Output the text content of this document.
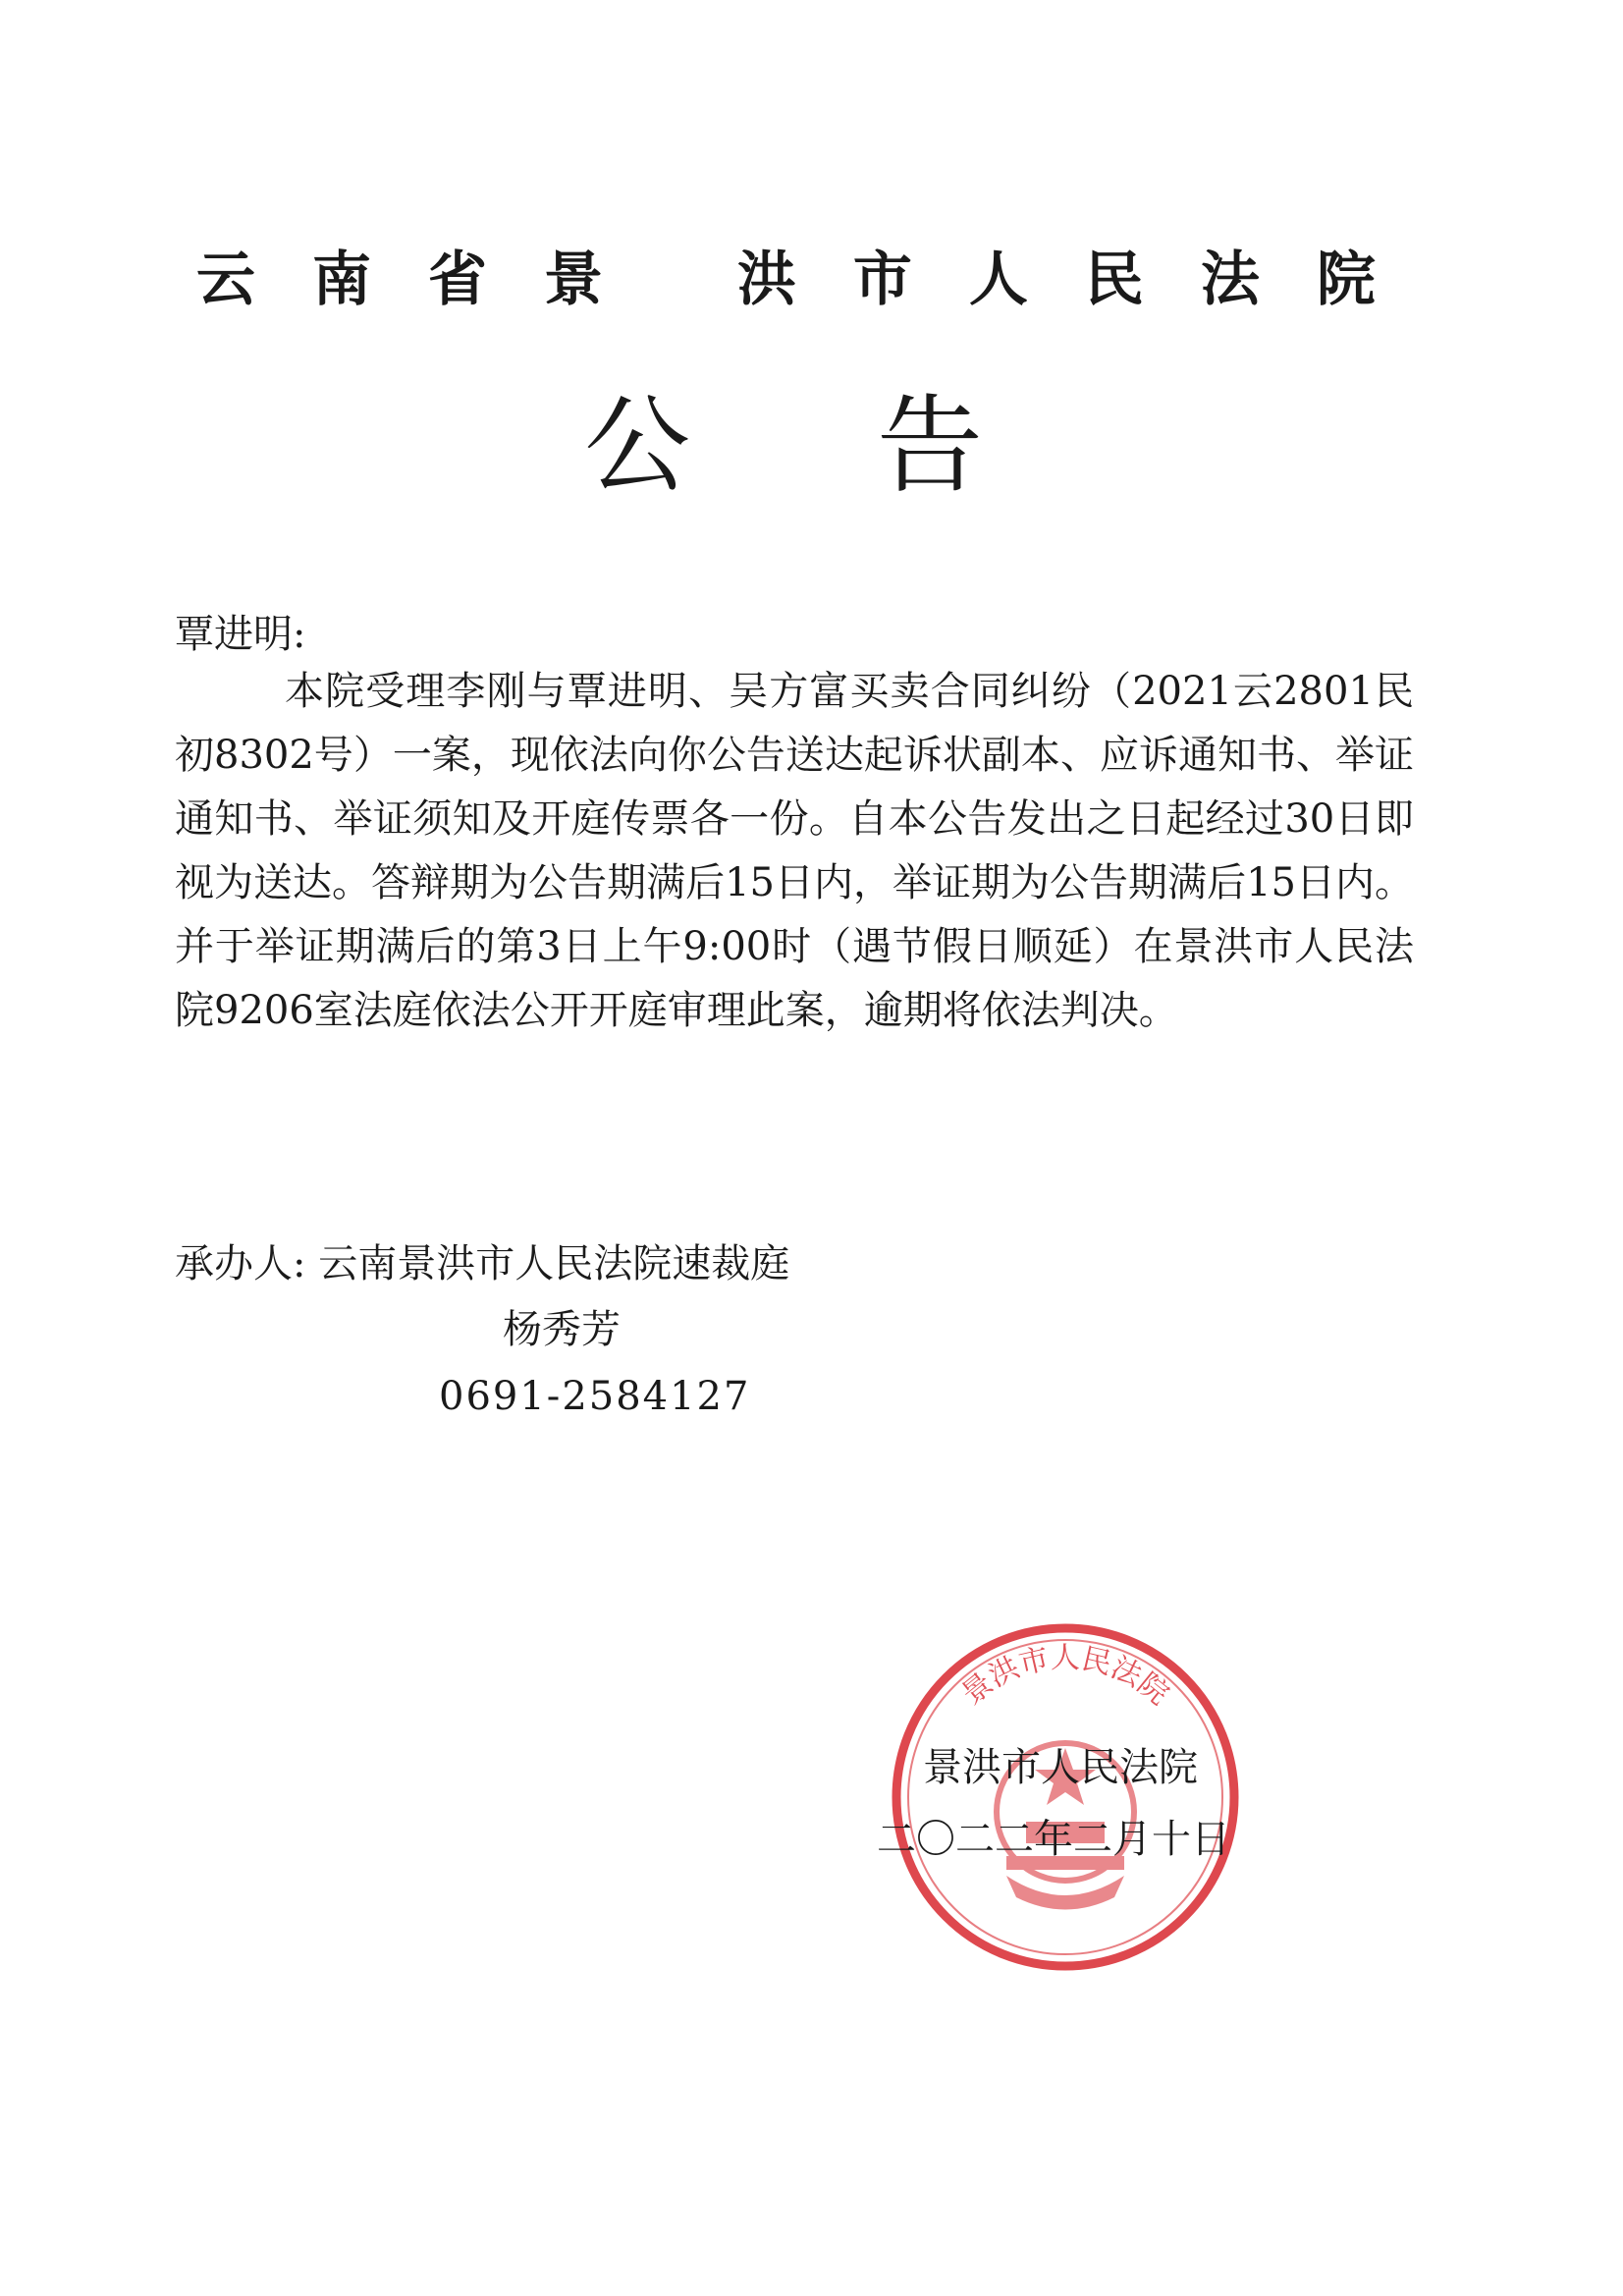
云南省景 洪市人民法院
公告
覃进明:

本院受理李刚与覃进明、吴方富买卖合同纠纷（2021云2801民初8302号）一案，现依法向你公告送达起诉状副本、应诉通知书、举证通知书、举证须知及开庭传票各一份。自本公告发出之日起经过30日即视为送达。答辩期为公告期满后15日内，举证期为公告期满后15日内。并于举证期满后的第3日上午9:00时（遇节假日顺延）在景洪市人民法院9206室法庭依法公开开庭审理此案，逾期将依法判决。

承办人: 云南景洪市人民法院速裁庭
杨秀芳
0691-2584127
景洪市人民法院
景洪市人民法院
二〇二二年二月十日
